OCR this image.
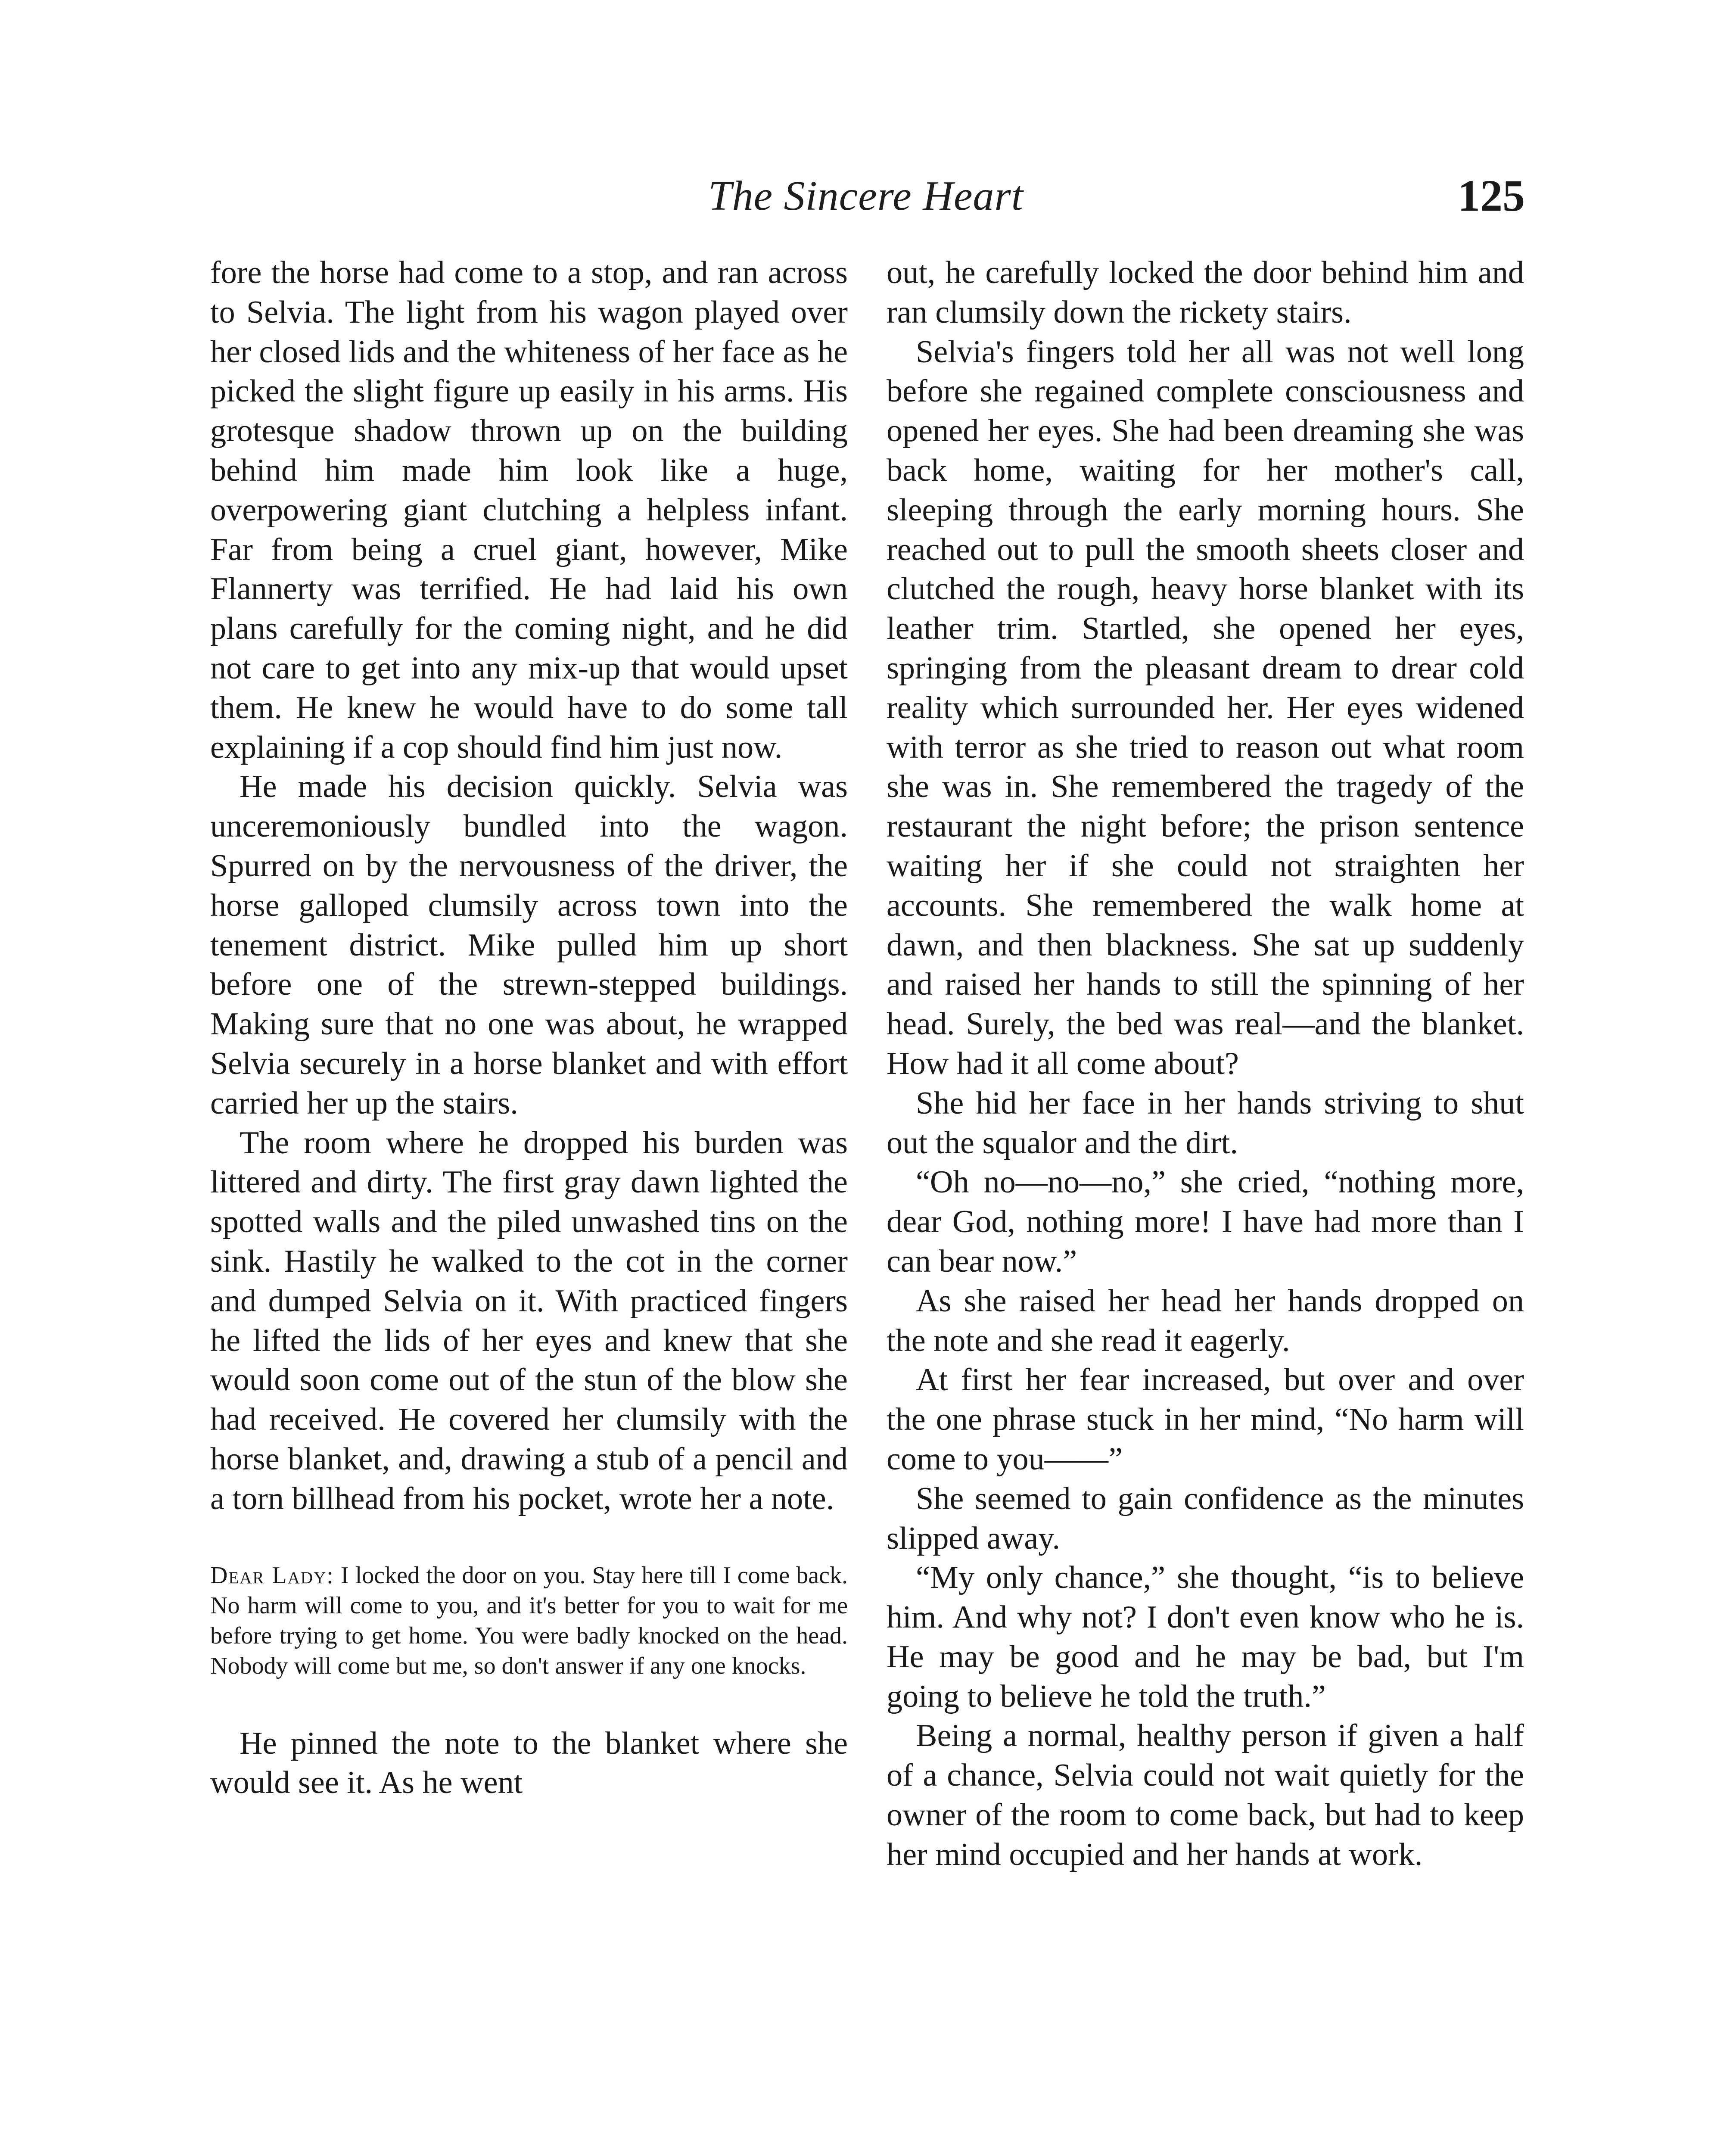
The Sincere Heart	125

fore the horse had come to a stop, and ran across to Selvia. The light from his wagon played over her closed lids and the whiteness of her face as he picked the slight figure up easily in his arms. His grotesque shadow thrown up on the building behind him made him look like a huge, overpowering giant clutching a helpless infant. Far from being a cruel giant, however, Mike Flannerty was terrified. He had laid his own plans carefully for the coming night, and he did not care to get into any mix-up that would upset them. He knew he would have to do some tall explaining if a cop should find him just now.

He made his decision quickly. Selvia was unceremoniously bundled into the wagon. Spurred on by the nervousness of the driver, the horse galloped clumsily across town into the tenement district. Mike pulled him up short before one of the strewn-stepped buildings. Making sure that no one was about, he wrapped Selvia securely in a horse blanket and with effort carried her up the stairs.

The room where he dropped his burden was littered and dirty. The first gray dawn lighted the spotted walls and the piled unwashed tins on the sink. Hastily he walked to the cot in the corner and dumped Selvia on it. With practiced fingers he lifted the lids of her eyes and knew that she would soon come out of the stun of the blow she had received. He covered her clumsily with the horse blanket, and, drawing a stub of a pencil and a torn billhead from his pocket, wrote her a note.

Dear Lady: I locked the door on you. Stay here till I come back. No harm will come to you, and it's better for you to wait for me before trying to get home. You were badly knocked on the head. Nobody will come but me, so don't answer if any one knocks.

He pinned the note to the blanket where she would see it. As he went

out, he carefully locked the door behind him and ran clumsily down the rickety stairs.

Selvia's fingers told her all was not well long before she regained complete consciousness and opened her eyes. She had been dreaming she was back home, waiting for her mother's call, sleeping through the early morning hours. She reached out to pull the smooth sheets closer and clutched the rough, heavy horse blanket with its leather trim. Startled, she opened her eyes, springing from the pleasant dream to drear cold reality which surrounded her. Her eyes widened with terror as she tried to reason out what room she was in. She remembered the tragedy of the restaurant the night before; the prison sentence waiting her if she could not straighten her accounts. She remembered the walk home at dawn, and then blackness. She sat up suddenly and raised her hands to still the spinning of her head. Surely, the bed was real—and the blanket. How had it all come about?

She hid her face in her hands striving to shut out the squalor and the dirt.

“Oh no—no—no,” she cried, “nothing more, dear God, nothing more! I have had more than I can bear now.”

As she raised her head her hands dropped on the note and she read it eagerly.

At first her fear increased, but over and over the one phrase stuck in her mind, “No harm will come to you——”

She seemed to gain confidence as the minutes slipped away.

“My only chance,” she thought, “is to believe him. And why not? I don't even know who he is. He may be good and he may be bad, but I'm going to believe he told the truth.”

Being a normal, healthy person if given a half of a chance, Selvia could not wait quietly for the owner of the room to come back, but had to keep her mind occupied and her hands at work.
